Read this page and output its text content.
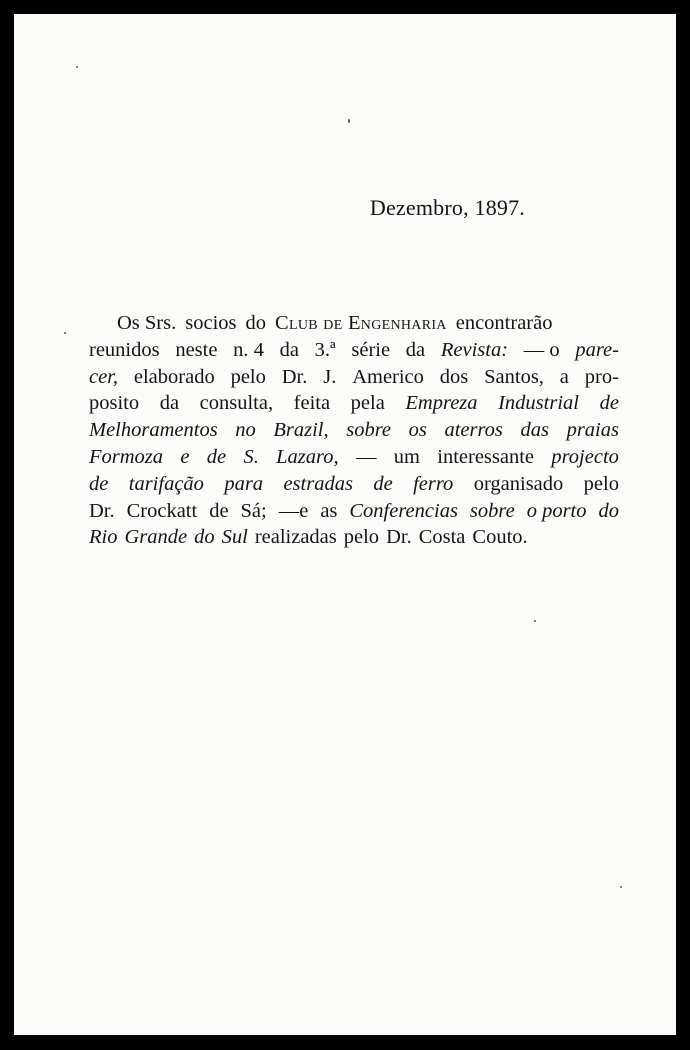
Dezembro, 1897.
Os Srs. socios do Club de Engenharia encontrarão
reunidos neste n. 4 da 3.ª série da Revista: — o pare-
cer, elaborado pelo Dr. J. Americo dos Santos, a pro-
posito da consulta, feita pela Empreza Industrial de
Melhoramentos no Brazil, sobre os aterros das praias
Formoza e de S. Lazaro, — um interessante projecto
de tarifação para estradas de ferro organisado pelo
Dr. Crockatt de Sá; —e as Conferencias sobre o porto do
Rio Grande do Sul realizadas pelo Dr. Costa Couto.
